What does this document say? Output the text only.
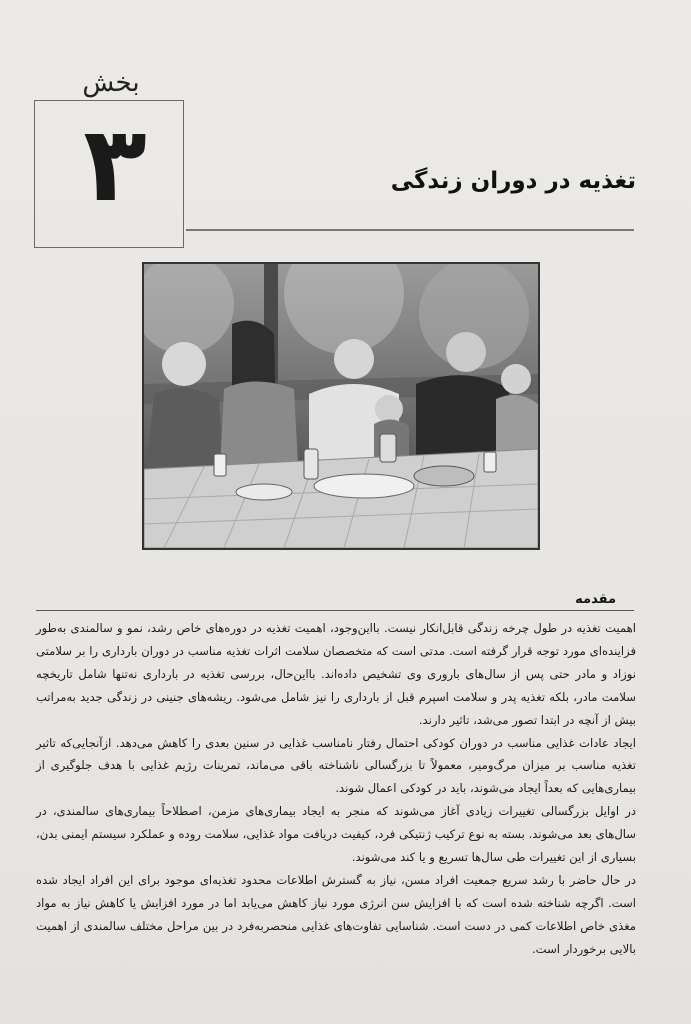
بخش
۳	تغذیه در دوران زندگی
مقدمه

اهمیت تغذیه در طول چرخه زندگی قابل‌انکار نیست. بااین‌وجود، اهمیت تغذیه در دوره‌های خاص رشد، نمو و سالمندی به‌طور فزاینده‌ای مورد توجه قرار گرفته است. مدتی است که متخصصان سلامت اثرات تغذیه مناسب در دوران بارداری را بر سلامتی نوزاد و مادر حتی پس از سال‌های باروری وی تشخیص داده‌اند. بااین‌حال، بررسی تغذیه در بارداری نه‌تنها شامل تاریخچه سلامت مادر، بلکه تغذیه پدر و سلامت اسپرم قبل از بارداری را نیز شامل می‌شود. ریشه‌های جنینی در زندگی جدید به‌مراتب بیش از آنچه در ابتدا تصور می‌شد، تاثیر دارند.

ایجاد عادات غذایی مناسب در دوران کودکی احتمال رفتار نامناسب غذایی در سنین بعدی را کاهش می‌دهد. ازآنجایی‌که تاثیر تغذیه مناسب بر میزان مرگ‌ومیر، معمولاً تا بزرگسالی ناشناخته باقی می‌ماند، تمرینات رژیم غذایی با هدف جلوگیری از بیماری‌هایی که بعداً ایجاد می‌شوند، باید در کودکی اعمال شوند.

در اوایل بزرگسالی تغییرات زیادی آغاز می‌شوند که منجر به ایجاد بیماری‌های مزمن، اصطلاحاً بیماری‌های سالمندی، در سال‌های بعد می‌شوند. بسته به نوع ترکیب ژنتیکی فرد، کیفیت دریافت مواد غذایی، سلامت روده و عملکرد سیستم ایمنی بدن، بسیاری از این تغییرات طی سال‌ها تسریع و یا کند می‌شوند.

در حال حاضر با رشد سریع جمعیت افراد مسن، نیاز به گسترش اطلاعات محدود تغذیه‌ای موجود برای این افراد ایجاد شده است. اگرچه شناخته شده است که با افزایش سن انرژی مورد نیاز کاهش می‌یابد اما در مورد افزایش یا کاهش نیاز به مواد مغذی خاص اطلاعات کمی در دست است. شناسایی تفاوت‌های غذایی منحصربه‌فرد در بین مراحل مختلف سالمندی از اهمیت بالایی برخوردار است.
